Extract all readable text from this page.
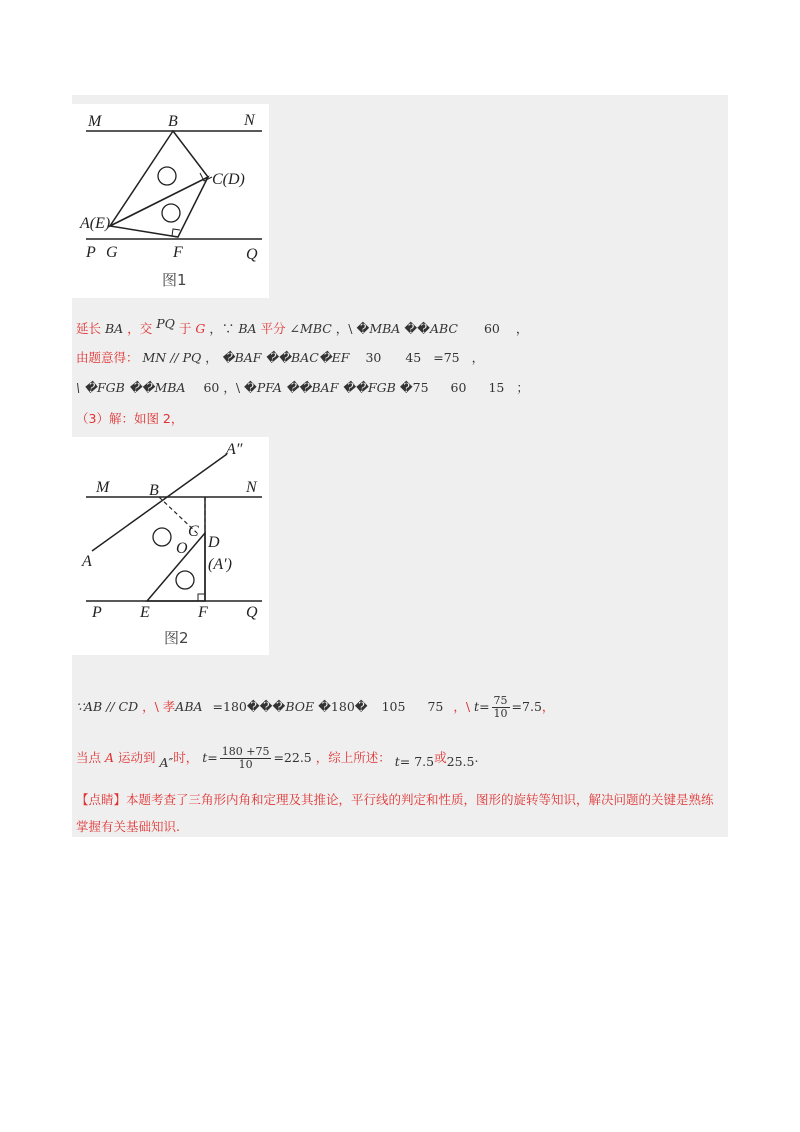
M	B	N
C(D)
A(E)
P G	F	Q
图1
延长 BA ，交 PQ 于 G ，∵ BA 平分 ∠MBC ，\ �MBA ��ABC 60 ，
由题意得： MN // PQ ， �BAF ��BAC�EF 30 45 =75 ，
\ �FGB ��MBA 60 ，\ �PFA ��BAF ��FGB �75 60 15 ；
（3）解：如图 2，
A″
M B	N
C
O D
(A′)
A
P E	F Q
图2
∵AB // CD ，\ 孝ABA =180���BOE �180� 105 75 ，\ $t= \frac{75}{10} =7.5$，
当点 A 运动到 A″时， $t= \frac{180 +75}{10} =22.5$ ，综上所述： t= 7.5或25.5.
【点睛】本题考查了三角形内角和定理及其推论，平行线的判定和性质，图形的旋转等知识，解决问题的关键是熟练掌握有关基础知识.
